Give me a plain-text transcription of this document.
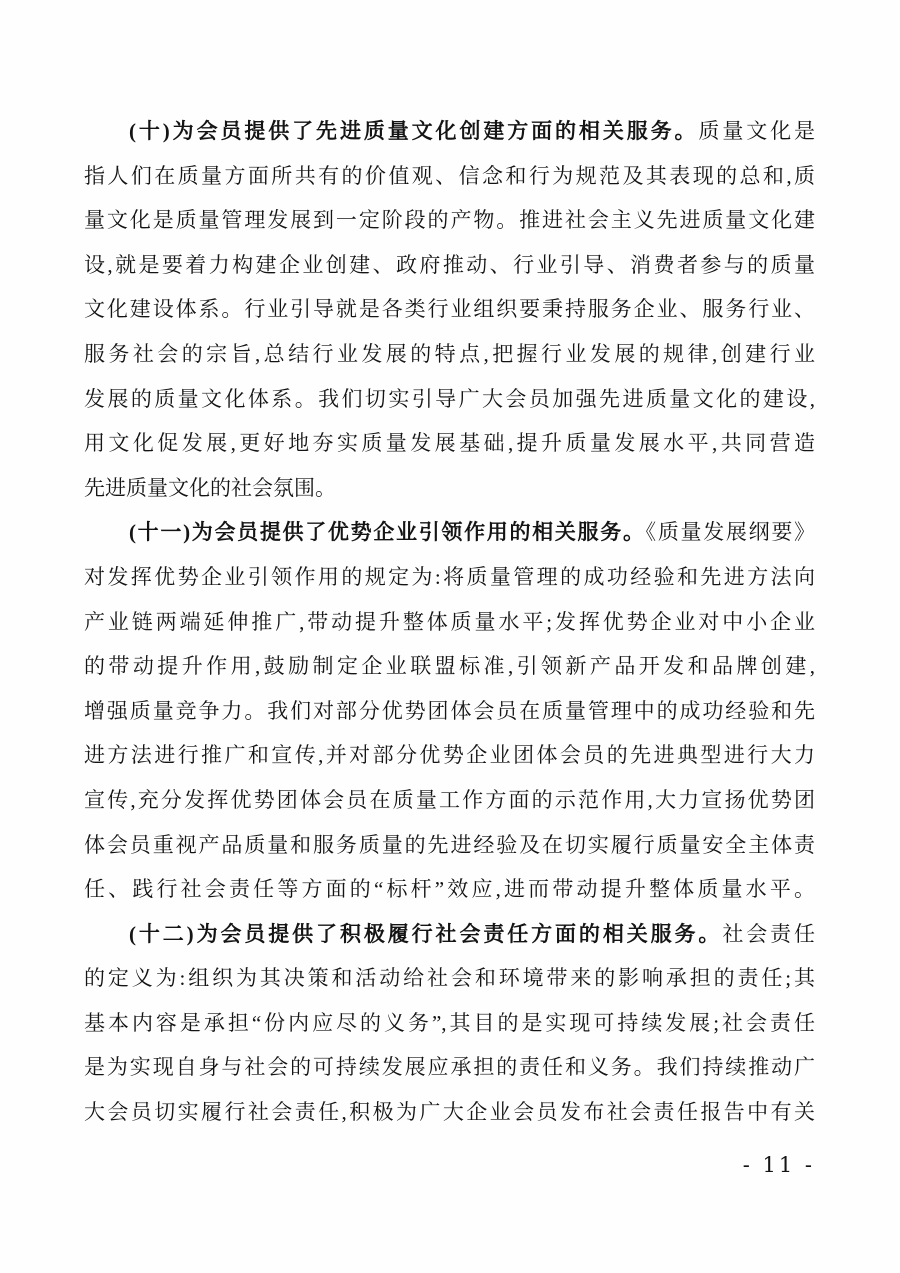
(十)为会员提供了先进质量文化创建方面的相关服务。质量文化是
指人们在质量方面所共有的价值观、信念和行为规范及其表现的总和,质
量文化是质量管理发展到一定阶段的产物。推进社会主义先进质量文化建
设,就是要着力构建企业创建、政府推动、行业引导、消费者参与的质量
文化建设体系。行业引导就是各类行业组织要秉持服务企业、服务行业、
服务社会的宗旨,总结行业发展的特点,把握行业发展的规律,创建行业
发展的质量文化体系。我们切实引导广大会员加强先进质量文化的建设,
用文化促发展,更好地夯实质量发展基础,提升质量发展水平,共同营造
先进质量文化的社会氛围。
(十一)为会员提供了优势企业引领作用的相关服务。《质量发展纲要》
对发挥优势企业引领作用的规定为:将质量管理的成功经验和先进方法向
产业链两端延伸推广,带动提升整体质量水平;发挥优势企业对中小企业
的带动提升作用,鼓励制定企业联盟标准,引领新产品开发和品牌创建,
增强质量竞争力。我们对部分优势团体会员在质量管理中的成功经验和先
进方法进行推广和宣传,并对部分优势企业团体会员的先进典型进行大力
宣传,充分发挥优势团体会员在质量工作方面的示范作用,大力宣扬优势团
体会员重视产品质量和服务质量的先进经验及在切实履行质量安全主体责
任、践行社会责任等方面的“标杆”效应,进而带动提升整体质量水平。
(十二)为会员提供了积极履行社会责任方面的相关服务。社会责任
的定义为:组织为其决策和活动给社会和环境带来的影响承担的责任;其
基本内容是承担“份内应尽的义务”,其目的是实现可持续发展;社会责任
是为实现自身与社会的可持续发展应承担的责任和义务。我们持续推动广
大会员切实履行社会责任,积极为广大企业会员发布社会责任报告中有关
- 11 -
